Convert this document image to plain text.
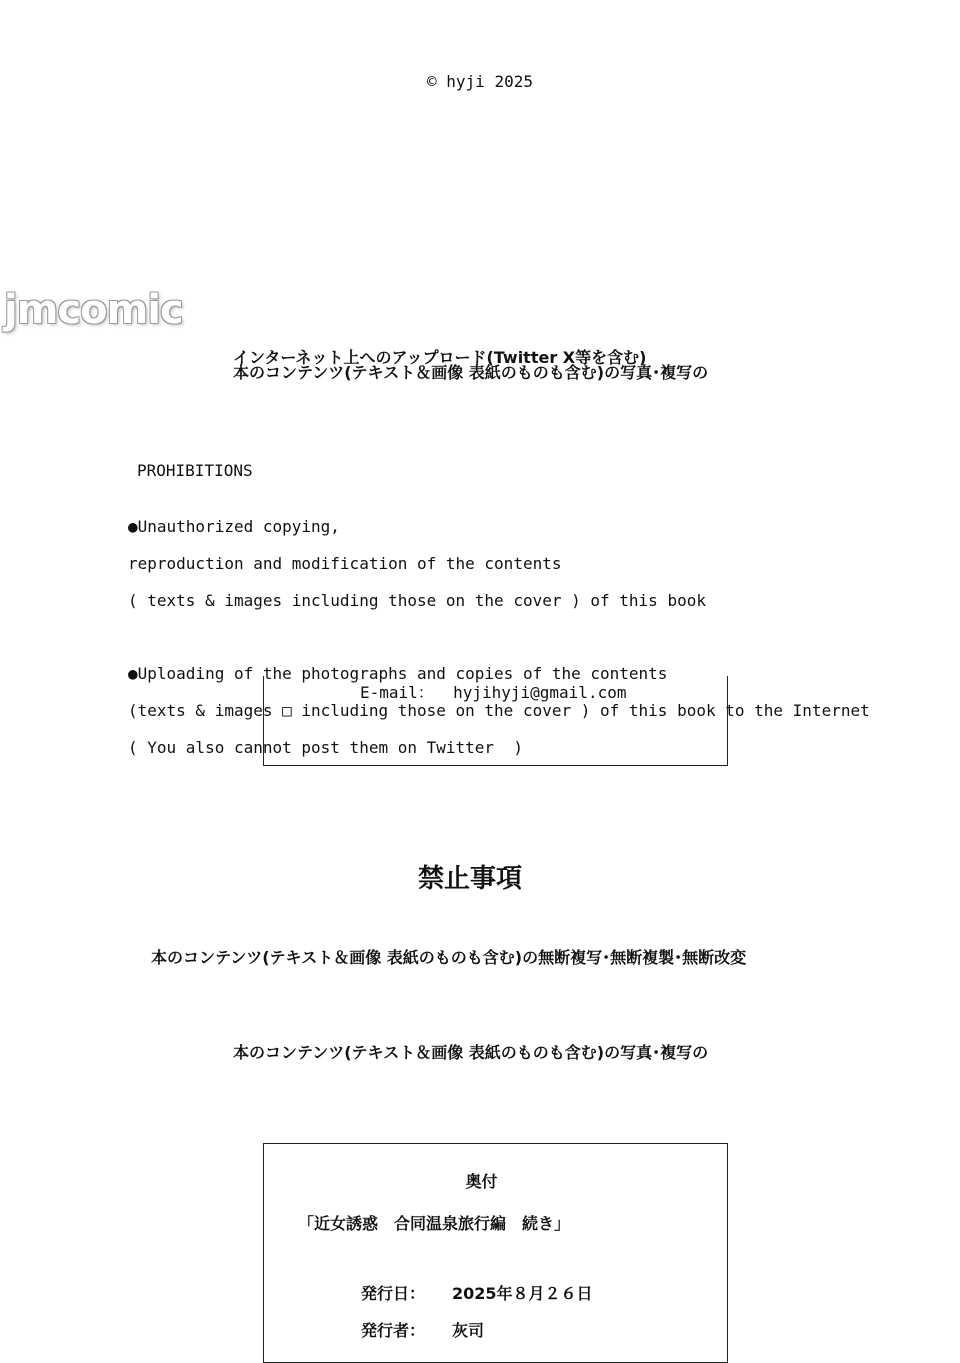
© hyji 2025
jmcomic

本のコンテンツ(テキスト＆画像 表紙のものも含む)の写真･複写の

インターネット上へのアップロード(Twitter X等を含む)
PROHIBITIONS

●Unauthorized copying,

reproduction and modification of the contents

( texts & images including those on the cover ) of this book

●Uploading of the photographs and copies of the contents

(texts & images □ including those on the cover ) of this book to the Internet

( You also cannot post them on Twitter  )

E-mail： hyjihyji@gmail.com
禁止事項
本のコンテンツ(テキスト＆画像 表紙のものも含む)の無断複写･無断複製･無断改変

本のコンテンツ(テキスト＆画像 表紙のものも含む)の写真･複写の

奥付
「近女誘惑　合同温泉旅行編　続き」
発行日： 2025年８月２６日
発行者： 灰司
